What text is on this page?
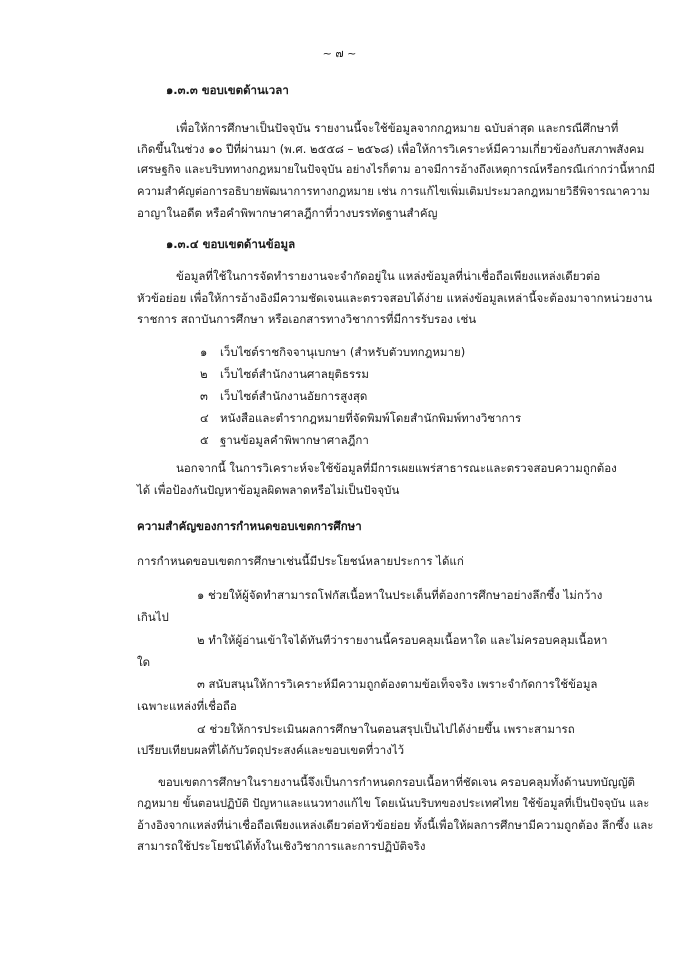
~ ๗ ~
๑.๓.๓ ขอบเขตด้านเวลา
เพื่อให้การศึกษาเป็นปัจจุบัน รายงานนี้จะใช้ข้อมูลจากกฎหมาย ฉบับล่าสุด และกรณีศึกษาที่
เกิดขึ้นในช่วง ๑๐ ปีที่ผ่านมา (พ.ศ. ๒๕๕๘ – ๒๕๖๘) เพื่อให้การวิเคราะห์มีความเกี่ยวข้องกับสภาพสังคม
เศรษฐกิจ และบริบททางกฎหมายในปัจจุบัน อย่างไรก็ตาม อาจมีการอ้างถึงเหตุการณ์หรือกรณีเก่ากว่านี้หากมี
ความสำคัญต่อการอธิบายพัฒนาการทางกฎหมาย เช่น การแก้ไขเพิ่มเติมประมวลกฎหมายวิธีพิจารณาความ
อาญาในอดีต หรือคำพิพากษาศาลฎีกาที่วางบรรทัดฐานสำคัญ
๑.๓.๔ ขอบเขตด้านข้อมูล
ข้อมูลที่ใช้ในการจัดทำรายงานจะจำกัดอยู่ใน แหล่งข้อมูลที่น่าเชื่อถือเพียงแหล่งเดียวต่อ
หัวข้อย่อย เพื่อให้การอ้างอิงมีความชัดเจนและตรวจสอบได้ง่าย แหล่งข้อมูลเหล่านี้จะต้องมาจากหน่วยงาน
ราชการ สถาบันการศึกษา หรือเอกสารทางวิชาการที่มีการรับรอง เช่น
๑ เว็บไซต์ราชกิจจานุเบกษา (สำหรับตัวบทกฎหมาย)
๒ เว็บไซต์สำนักงานศาลยุติธรรม
๓ เว็บไซต์สำนักงานอัยการสูงสุด
๔ หนังสือและตำรากฎหมายที่จัดพิมพ์โดยสำนักพิมพ์ทางวิชาการ
๕ ฐานข้อมูลคำพิพากษาศาลฎีกา
นอกจากนี้ ในการวิเคราะห์จะใช้ข้อมูลที่มีการเผยแพร่สาธารณะและตรวจสอบความถูกต้อง
ได้ เพื่อป้องกันปัญหาข้อมูลผิดพลาดหรือไม่เป็นปัจจุบัน
ความสำคัญของการกำหนดขอบเขตการศึกษา
การกำหนดขอบเขตการศึกษาเช่นนี้มีประโยชน์หลายประการ ได้แก่
๑ ช่วยให้ผู้จัดทำสามารถโฟกัสเนื้อหาในประเด็นที่ต้องการศึกษาอย่างลึกซึ้ง ไม่กว้าง
เกินไป
๒ ทำให้ผู้อ่านเข้าใจได้ทันทีว่ารายงานนี้ครอบคลุมเนื้อหาใด และไม่ครอบคลุมเนื้อหา
ใด
๓ สนับสนุนให้การวิเคราะห์มีความถูกต้องตามข้อเท็จจริง เพราะจำกัดการใช้ข้อมูล
เฉพาะแหล่งที่เชื่อถือ
๔ ช่วยให้การประเมินผลการศึกษาในตอนสรุปเป็นไปได้ง่ายขึ้น เพราะสามารถ
เปรียบเทียบผลที่ได้กับวัตถุประสงค์และขอบเขตที่วางไว้
ขอบเขตการศึกษาในรายงานนี้จึงเป็นการกำหนดกรอบเนื้อหาที่ชัดเจน ครอบคลุมทั้งด้านบทบัญญัติ
กฎหมาย ขั้นตอนปฏิบัติ ปัญหาและแนวทางแก้ไข โดยเน้นบริบทของประเทศไทย ใช้ข้อมูลที่เป็นปัจจุบัน และ
อ้างอิงจากแหล่งที่น่าเชื่อถือเพียงแหล่งเดียวต่อหัวข้อย่อย ทั้งนี้เพื่อให้ผลการศึกษามีความถูกต้อง ลึกซึ้ง และ
สามารถใช้ประโยชน์ได้ทั้งในเชิงวิชาการและการปฏิบัติจริง
